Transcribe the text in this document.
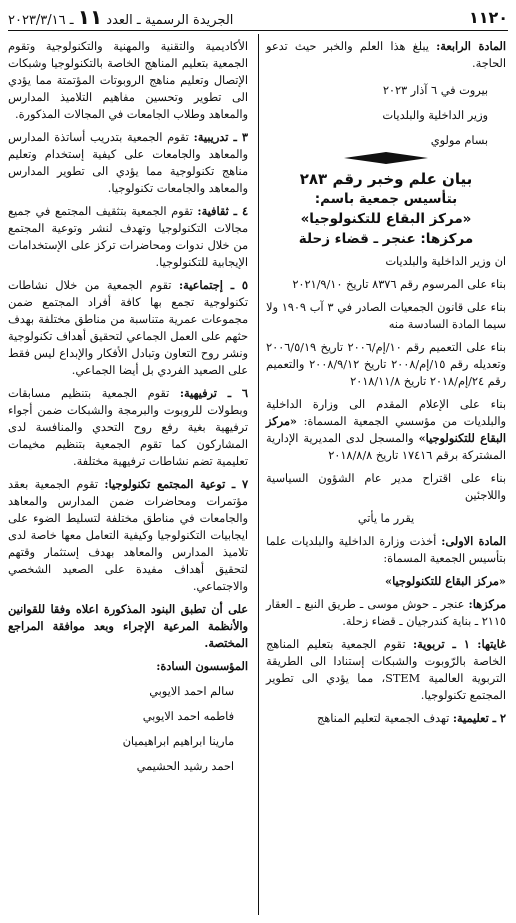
١١٢٠
الجريدة الرسمية ـ العدد ١١ ـ ٢٠٢٣/٣/١٦

المادة الرابعة: يبلغ هذا العلم والخبر حيث تدعو الحاجة.

بيروت في ٦ آذار ٢٠٢٣

وزير الداخلية والبلديات

بسام مولوي

بيان علم وخبر رقم ٢٨٣
بتأسيس جمعية باسم:
«مركز البقاع للتكنولوجيا»
مركزها: عنجر ـ قضاء زحلة

ان وزير الداخلية والبلديات

بناء على المرسوم رقم ٨٣٧٦ تاريخ ٢٠٢١/٩/١٠

بناء على قانون الجمعيات الصادر في ٣ آب ١٩٠٩ ولا سيما المادة السادسة منه

بناء على التعميم رقم ١٠/إم/٢٠٠٦ تاريخ ٢٠٠٦/٥/١٩ وتعديله رقم ١٥/إم/٢٠٠٨ تاريخ ٢٠٠٨/٩/١٢ والتعميم رقم ٢٤/إم/٢٠١٨ تاريخ ٢٠١٨/١١/٨

بناء على الإعلام المقدم الى وزارة الداخلية والبلديات من مؤسسي الجمعية المسماة: «مركز البقاع للتكنولوجيا» والمسجل لدى المديرية الإدارية المشتركة برقم ١٧٤١٦ تاريخ ٢٠١٨/٨/٨

بناء على اقتراح مدير عام الشؤون السياسية واللاجئين

يقرر ما يأتي

المادة الاولى: أخذت وزارة الداخلية والبلديات علما بتأسيس الجمعية المسماة:

«مركز البقاع للتكنولوجيا»

مركزها: عنجر ـ حوش موسى ـ طريق النبع ـ العقار ٢١١٥ ـ بناية كندرجيان ـ قضاء زحلة.

غايتها: ١ ـ تربوية: تقوم الجمعية بتعليم المناهج الخاصة بالرّوبوت والشبكات إستنادا الى الطريقة التربوية العالمية STEM، مما يؤدي الى تطوير المجتمع تكنولوجيا.

٢ ـ تعليمية: تهدف الجمعية لتعليم المناهج

الأكاديمية والتقنية والمهنية والتكنولوجية وتقوم الجمعية بتعليم المناهج الخاصة بالتكنولوجيا وشبكات الإتصال وتعليم مناهج الروبوتات المؤتمتة مما يؤدي الى تطوير وتحسين مفاهيم التلاميذ المدارس والمعاهد وطلاب الجامعات في المجالات المذكورة.

٣ ـ تدريبية: تقوم الجمعية بتدريب أساتذة المدارس والمعاهد والجامعات على كيفية إستخدام وتعليم مناهج تكنولوجية مما يؤدي الى تطوير المدارس والمعاهد والجامعات تكنولوجيا.

٤ ـ ثقافية: تقوم الجمعية بتثقيف المجتمع في جميع مجالات التكنولوجيا وتهدف لنشر وتوعية المجتمع من خلال ندوات ومحاضرات تركز على الإستخدامات الإيجابية للتكنولوجيا.

٥ ـ إجتماعية: تقوم الجمعية من خلال نشاطات تكنولوجية تجمع بها كافة أفراد المجتمع ضمن مجموعات عمرية متناسبة من مناطق مختلفة بهدف حثهم على العمل الجماعي لتحقيق أهداف تكنولوجية ونشر روح التعاون وتبادل الأفكار والإبداع ليس فقط على الصعيد الفردي بل أيضا الجماعي.

٦ ـ ترفيهية: تقوم الجمعية بتنظيم مسابقات وبطولات للروبوت والبرمجة والشبكات ضمن أجواء ترفيهية بغية رفع روح التحدي والمنافسة لدى المشاركون كما تقوم الجمعية بتنظيم مخيمات تعليمية تضم نشاطات ترفيهية مختلفة.

٧ ـ توعية المجتمع تكنولوجيا: تقوم الجمعية بعقد مؤتمرات ومحاضرات ضمن المدارس والمعاهد والجامعات في مناطق مختلفة لتسليط الضوء على ايجابيات التكنولوجيا وكيفية التعامل معها خاصة لدى تلاميذ المدارس والمعاهد بهدف إستثمار وقتهم لتحقيق أهداف مفيدة على الصعيد الشخصي والاجتماعي.

على أن تطبق البنود المذكورة اعلاه وفقا للقوانين والأنظمة المرعية الإجراء وبعد موافقة المراجع المختصة.

المؤسسون السادة:

سالم احمد الايوبي

فاطمه احمد الايوبي

مارينا ابراهيم ابراهيميان

احمد رشيد الحشيمي
